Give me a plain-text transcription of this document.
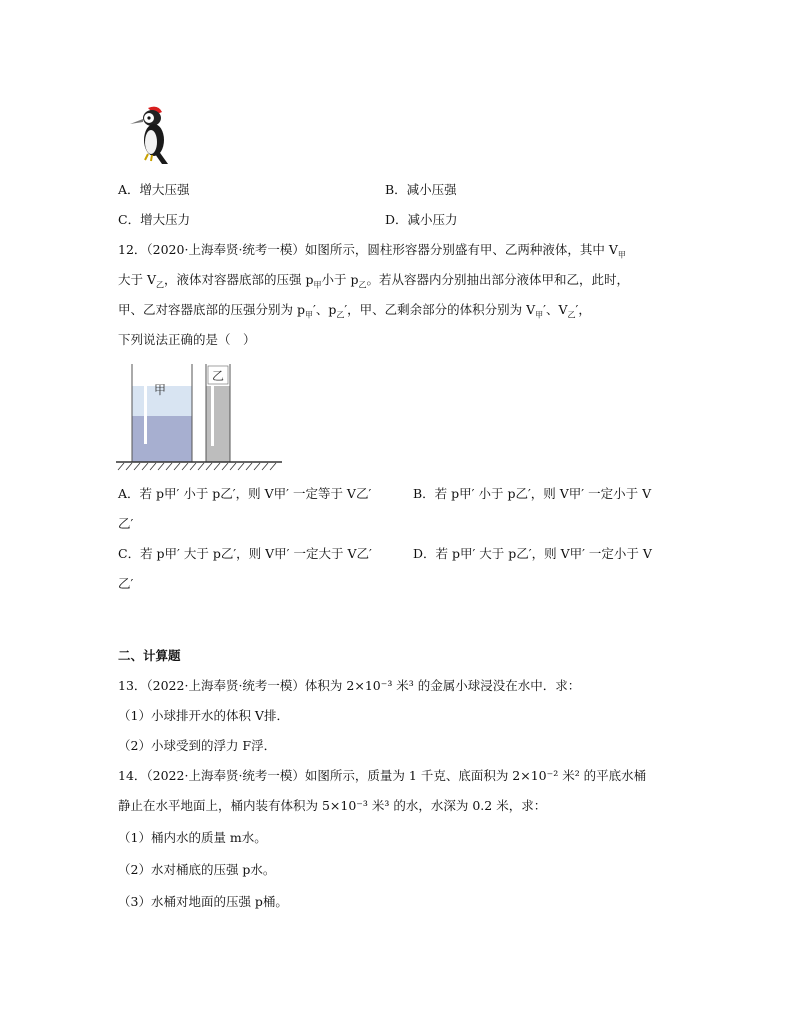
A．增大压强	B．减小压强
C．增大压力	D．减小压力
12．（2020·上海奉贤·统考一模）如图所示，圆柱形容器分别盛有甲、乙两种液体，其中 $V_甲$
大于 $V_乙$，液体对容器底部的压强 $p_甲$小于 $p_乙$。若从容器内分别抽出部分液体甲和乙，此时，
甲、乙对容器底部的压强分别为 $p_甲'$、$p_乙'$，甲、乙剩余部分的体积分别为 $V_甲'$、$V_乙'$，
下列说法正确的是（　）
甲
乙
A．若 p甲′ 小于 p乙′，则 V甲′ 一定等于 V乙′	B．若 p甲′ 小于 p乙′，则 V甲′ 一定小于 V
乙′
C．若 p甲′ 大于 p乙′，则 V甲′ 一定大于 V乙′	D．若 p甲′ 大于 p乙′，则 V甲′ 一定小于 V
乙′
二、计算题
13．（2022·上海奉贤·统考一模）体积为 2×10⁻³ 米³ 的金属小球浸没在水中．求：
（1）小球排开水的体积 V排．
（2）小球受到的浮力 F浮．
14．（2022·上海奉贤·统考一模）如图所示，质量为 1 千克、底面积为 2×10⁻² 米² 的平底水桶
静止在水平地面上，桶内装有体积为 5×10⁻³ 米³ 的水，水深为 0.2 米，求：
（1）桶内水的质量 m水。
（2）水对桶底的压强 p水。
（3）水桶对地面的压强 p桶。
